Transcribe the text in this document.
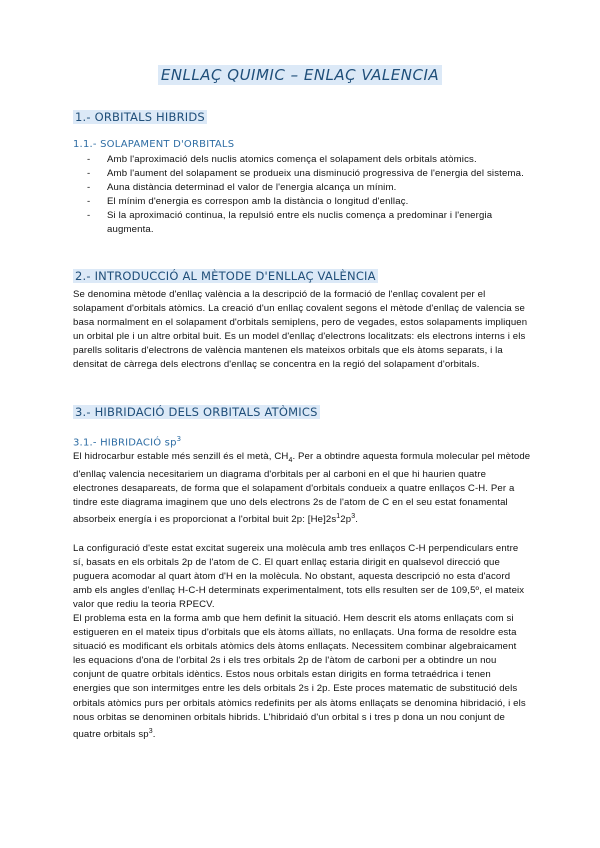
ENLLAÇ QUIMIC – ENLAÇ VALENCIA
1.- ORBITALS HIBRIDS
1.1.- SOLAPAMENT D'ORBITALS
- Amb l'aproximació dels nuclis atomics comença el solapament dels orbitals atòmics.
- Amb l'aument del solapament se produeix una disminució progressiva de l'energia del sistema.
- Auna distància determinad el valor de l'energia alcança un mínim.
- El mínim d'energia es correspon amb la distància o longitud d'enllaç.
- Si la aproximació continua, la repulsió entre els nuclis comença a predominar i l'energia augmenta.
2.- INTRODUCCIÓ AL MÈTODE D'ENLLAÇ VALÈNCIA

Se denomina mètode d'enllaç valència a la descripció de la formació de l'enllaç covalent per el solapament d'orbitals atòmics. La creació d'un enllaç covalent segons el mètode d'enllaç de valencia se basa normalment en el solapament d'orbitals semiplens, pero de vegades, estos solapaments impliquen un orbital ple i un altre orbital buit. Es un model d'enllaç d'electrons localitzats: els electrons interns i els parells solitaris d'electrons de valència mantenen els mateixos orbitals que els àtoms separats, i la densitat de càrrega dels electrons d'enllaç se concentra en la regió del solapament d'orbitals.

3.- HIBRIDACIÓ DELS ORBITALS ATÒMICS
3.1.- HIBRIDACIÓ $sp^3$

El hidrocarbur estable més senzill és el metà, $CH_4$. Per a obtindre aquesta formula molecular pel mètode d'enllaç valencia necesitariem un diagrama d'orbitals per al carboni en el que hi haurien quatre electrones desapareats, de forma que el solapament d'orbitals condueix a quatre enllaços C-H. Per a tindre este diagrama imaginem que uno dels electrons 2s de l'atom de C en el seu estat fonamental absorbeix energía i es proporcionat a l'orbital buit 2p: $[He]2s^12p^3$.

La configuració d'este estat excitat sugereix una molècula amb tres enllaços C-H perpendiculars entre sí, basats en els orbitals 2p de l'atom de C. El quart enllaç estaria dirigit en qualsevol direcció que puguera acomodar al quart àtom d'H en la molècula. No obstant, aquesta descripció no esta d'acord amb els angles d'enllaç H-C-H determinats experimentalment, tots ells resulten ser de 109,5º, el mateix valor que rediu la teoria RPECV.

El problema esta en la forma amb que hem definit la situació. Hem descrit els atoms enllaçats com si estigueren en el mateix tipus d'orbitals que els àtoms aïllats, no enllaçats. Una forma de resoldre esta situació es modificant els orbitals atòmics dels àtoms enllaçats. Necessitem combinar algebraicament les equacions d'ona de l'orbital 2s i els tres orbitals 2p de l'àtom de carboni per a obtindre un nou conjunt de quatre orbitals idèntics. Estos nous orbitals estan dirigits en forma tetraédrica i tenen energies que son intermitges entre les dels orbitals 2s i 2p. Este proces matematic de substitució dels orbitals atòmics purs per orbitals atòmics redefinits per als àtoms enllaçats se denomina hibridació, i els nous orbitas se denominen orbitals hibrids. L'hibridaió d'un orbital s i tres p dona un nou conjunt de quatre orbitals $sp^3$.
